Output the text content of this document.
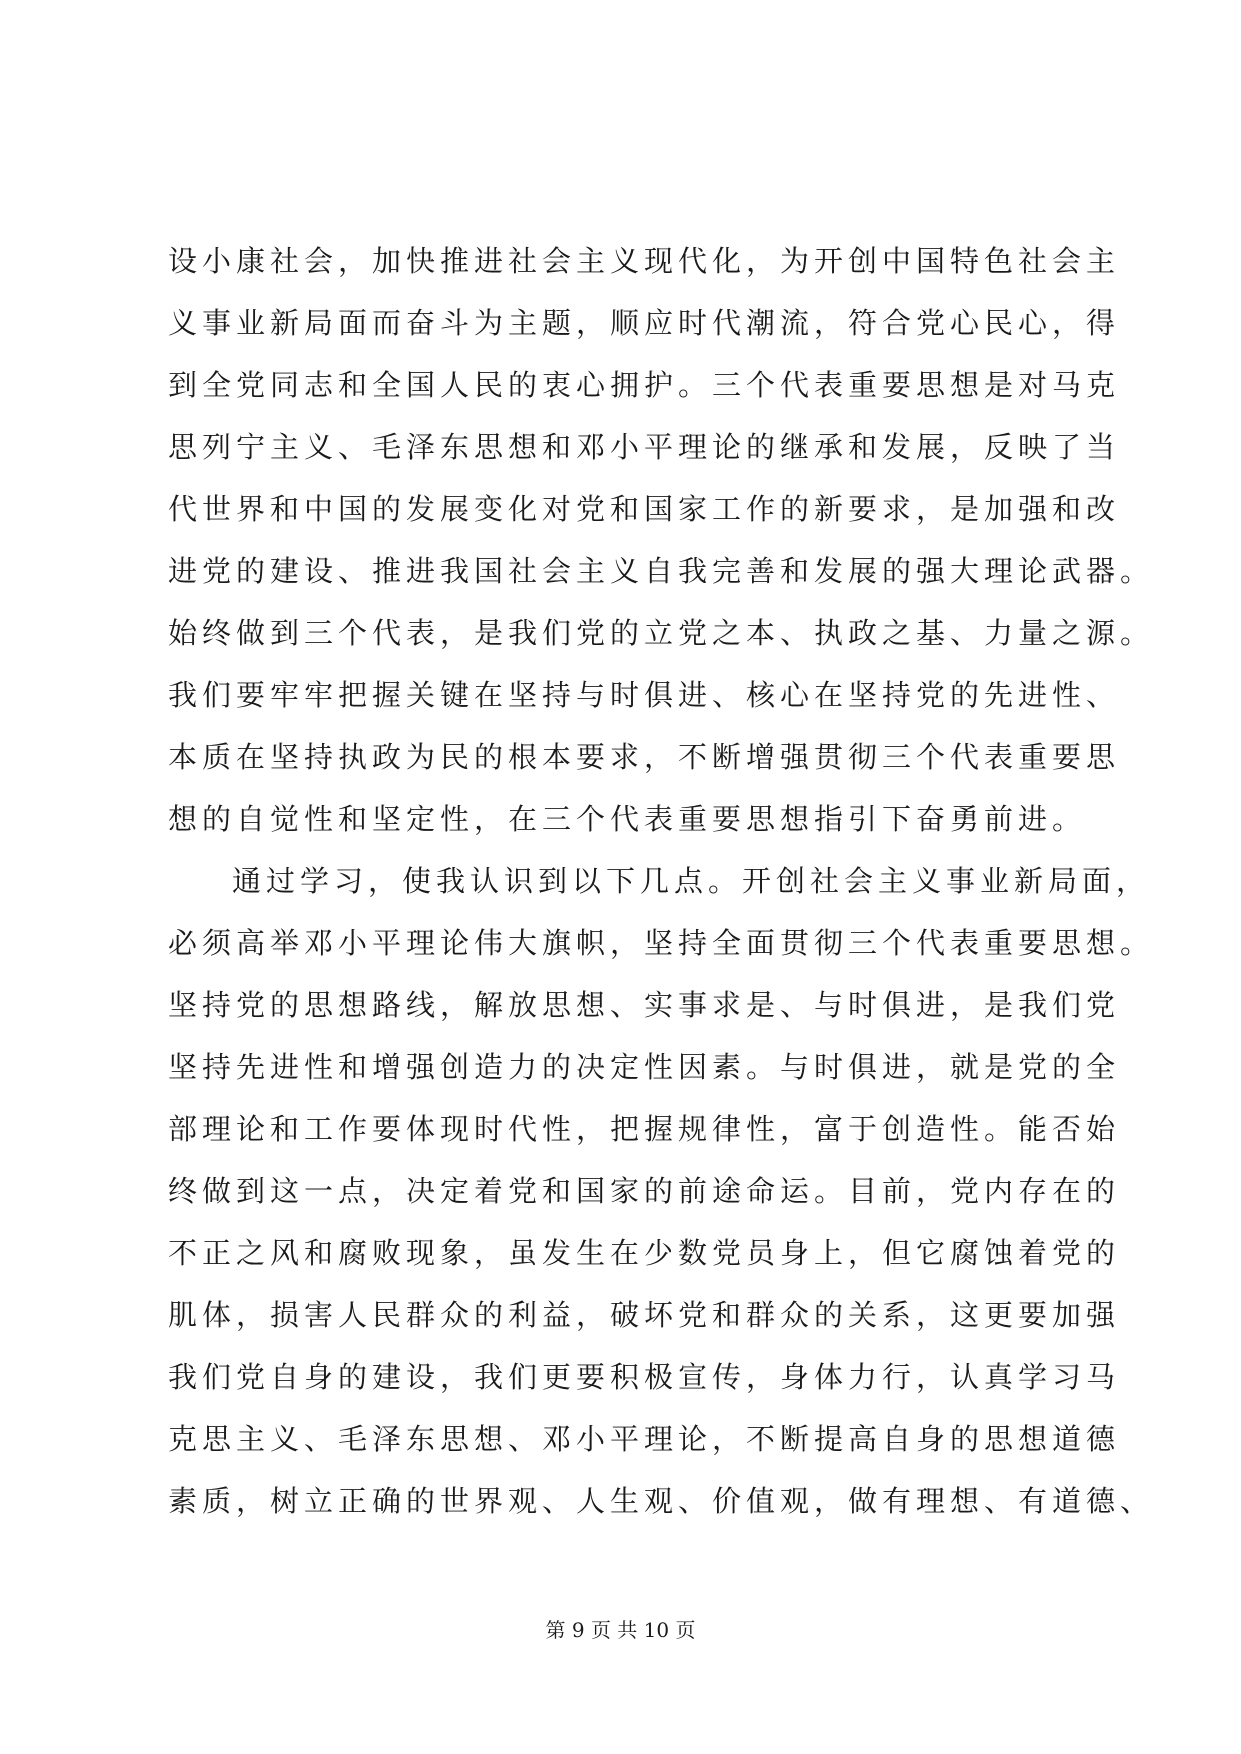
设小康社会，加快推进社会主义现代化，为开创中国特色社会主
义事业新局面而奋斗为主题，顺应时代潮流，符合党心民心，得
到全党同志和全国人民的衷心拥护。三个代表重要思想是对马克
思列宁主义、毛泽东思想和邓小平理论的继承和发展，反映了当
代世界和中国的发展变化对党和国家工作的新要求，是加强和改
进党的建设、推进我国社会主义自我完善和发展的强大理论武器。
始终做到三个代表，是我们党的立党之本、执政之基、力量之源。
我们要牢牢把握关键在坚持与时俱进、核心在坚持党的先进性、
本质在坚持执政为民的根本要求，不断增强贯彻三个代表重要思
想的自觉性和坚定性，在三个代表重要思想指引下奋勇前进。
通过学习，使我认识到以下几点。开创社会主义事业新局面，
必须高举邓小平理论伟大旗帜，坚持全面贯彻三个代表重要思想。
坚持党的思想路线，解放思想、实事求是、与时俱进，是我们党
坚持先进性和增强创造力的决定性因素。与时俱进，就是党的全
部理论和工作要体现时代性，把握规律性，富于创造性。能否始
终做到这一点，决定着党和国家的前途命运。目前，党内存在的
不正之风和腐败现象，虽发生在少数党员身上，但它腐蚀着党的
肌体，损害人民群众的利益，破坏党和群众的关系，这更要加强
我们党自身的建设，我们更要积极宣传，身体力行，认真学习马
克思主义、毛泽东思想、邓小平理论，不断提高自身的思想道德
素质，树立正确的世界观、人生观、价值观，做有理想、有道德、
第 9 页 共 10 页
